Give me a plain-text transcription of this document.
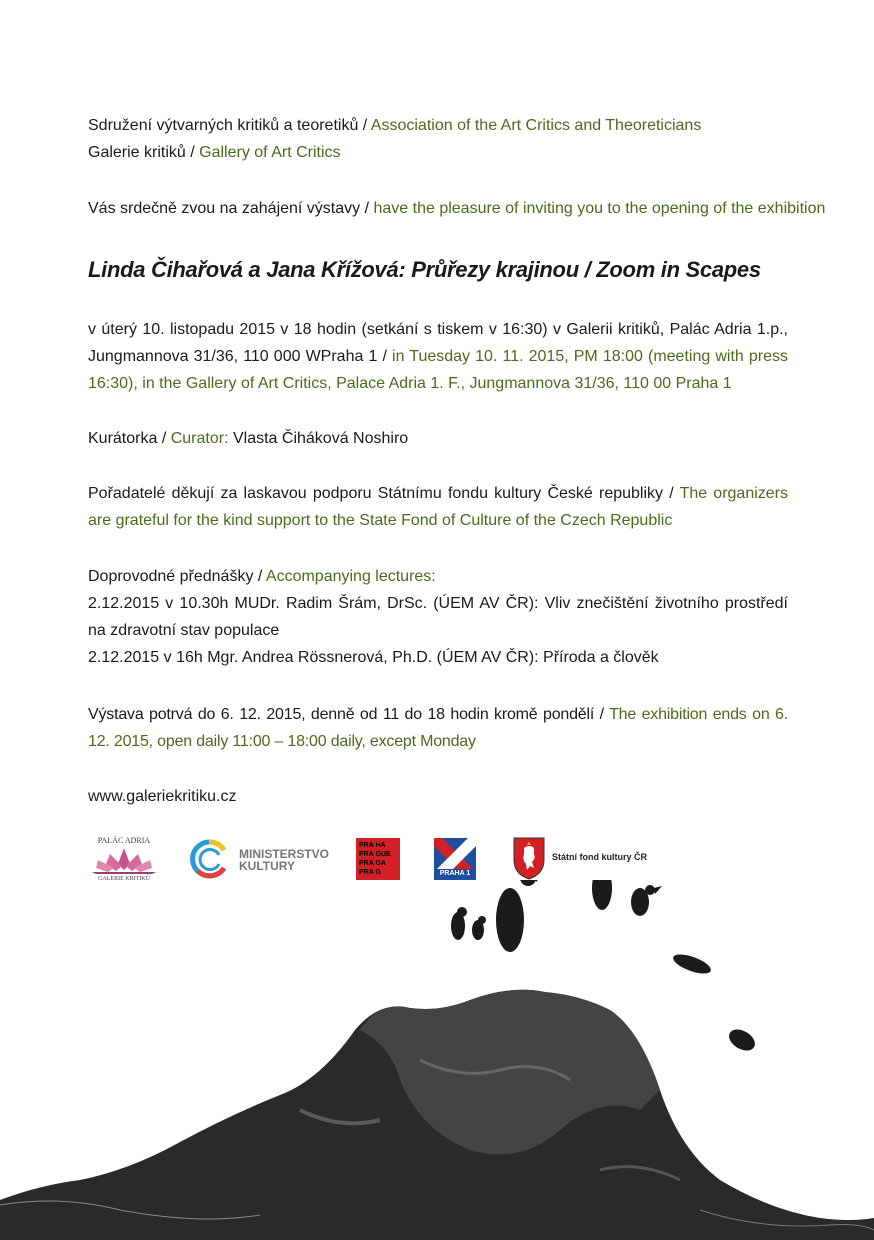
Sdružení výtvarných kritiků a teoretiků / Association of the Art Critics and Theoreticians
Galerie kritiků / Gallery of Art Critics
Vás srdečně zvou na zahájení výstavy / have the pleasure of inviting you to the opening of the exhibition
Linda Čihařová a Jana Křížová: Průřezy krajinou / Zoom in Scapes
v úterý 10. listopadu 2015 v 18 hodin (setkání s tiskem v 16:30) v Galerii kritiků, Palác Adria 1.p., Jungmannova 31/36, 110 000 WPraha 1 / in Tuesday 10. 11. 2015, PM 18:00 (meeting with press 16:30), in the Gallery of Art Critics, Palace Adria 1. F., Jungmannova 31/36, 110 00 Praha 1
Kurátorka / Curator: Vlasta Čiháková Noshiro
Pořadatelé děkují za laskavou podporu Státnímu fondu kultury České republiky / The organizers are grateful for the kind support to the State Fond of Culture of the Czech Republic
Doprovodné přednášky / Accompanying lectures:
2.12.2015 v 10.30h MUDr. Radim Šrám, DrSc. (ÚEM AV ČR): Vliv znečištění životního prostředí na zdravotní stav populace
2.12.2015 v 16h Mgr. Andrea Rössnerová, Ph.D. (ÚEM AV ČR): Příroda a člověk
Výstava potrvá do 6. 12. 2015, denně od 11 do 18 hodin kromě pondělí / The exhibition ends on 6. 12. 2015, open daily 11:00 – 18:00 daily, except Monday
www.galeriekritiku.cz
PALÁC ADRIA
GALERIE KRITIKŮ
MINISTERSTVO
KULTURY
PRA HA
PRA GUE
PRA GA
PRA G	PRAHA 1
Státní fond kultury ČR
